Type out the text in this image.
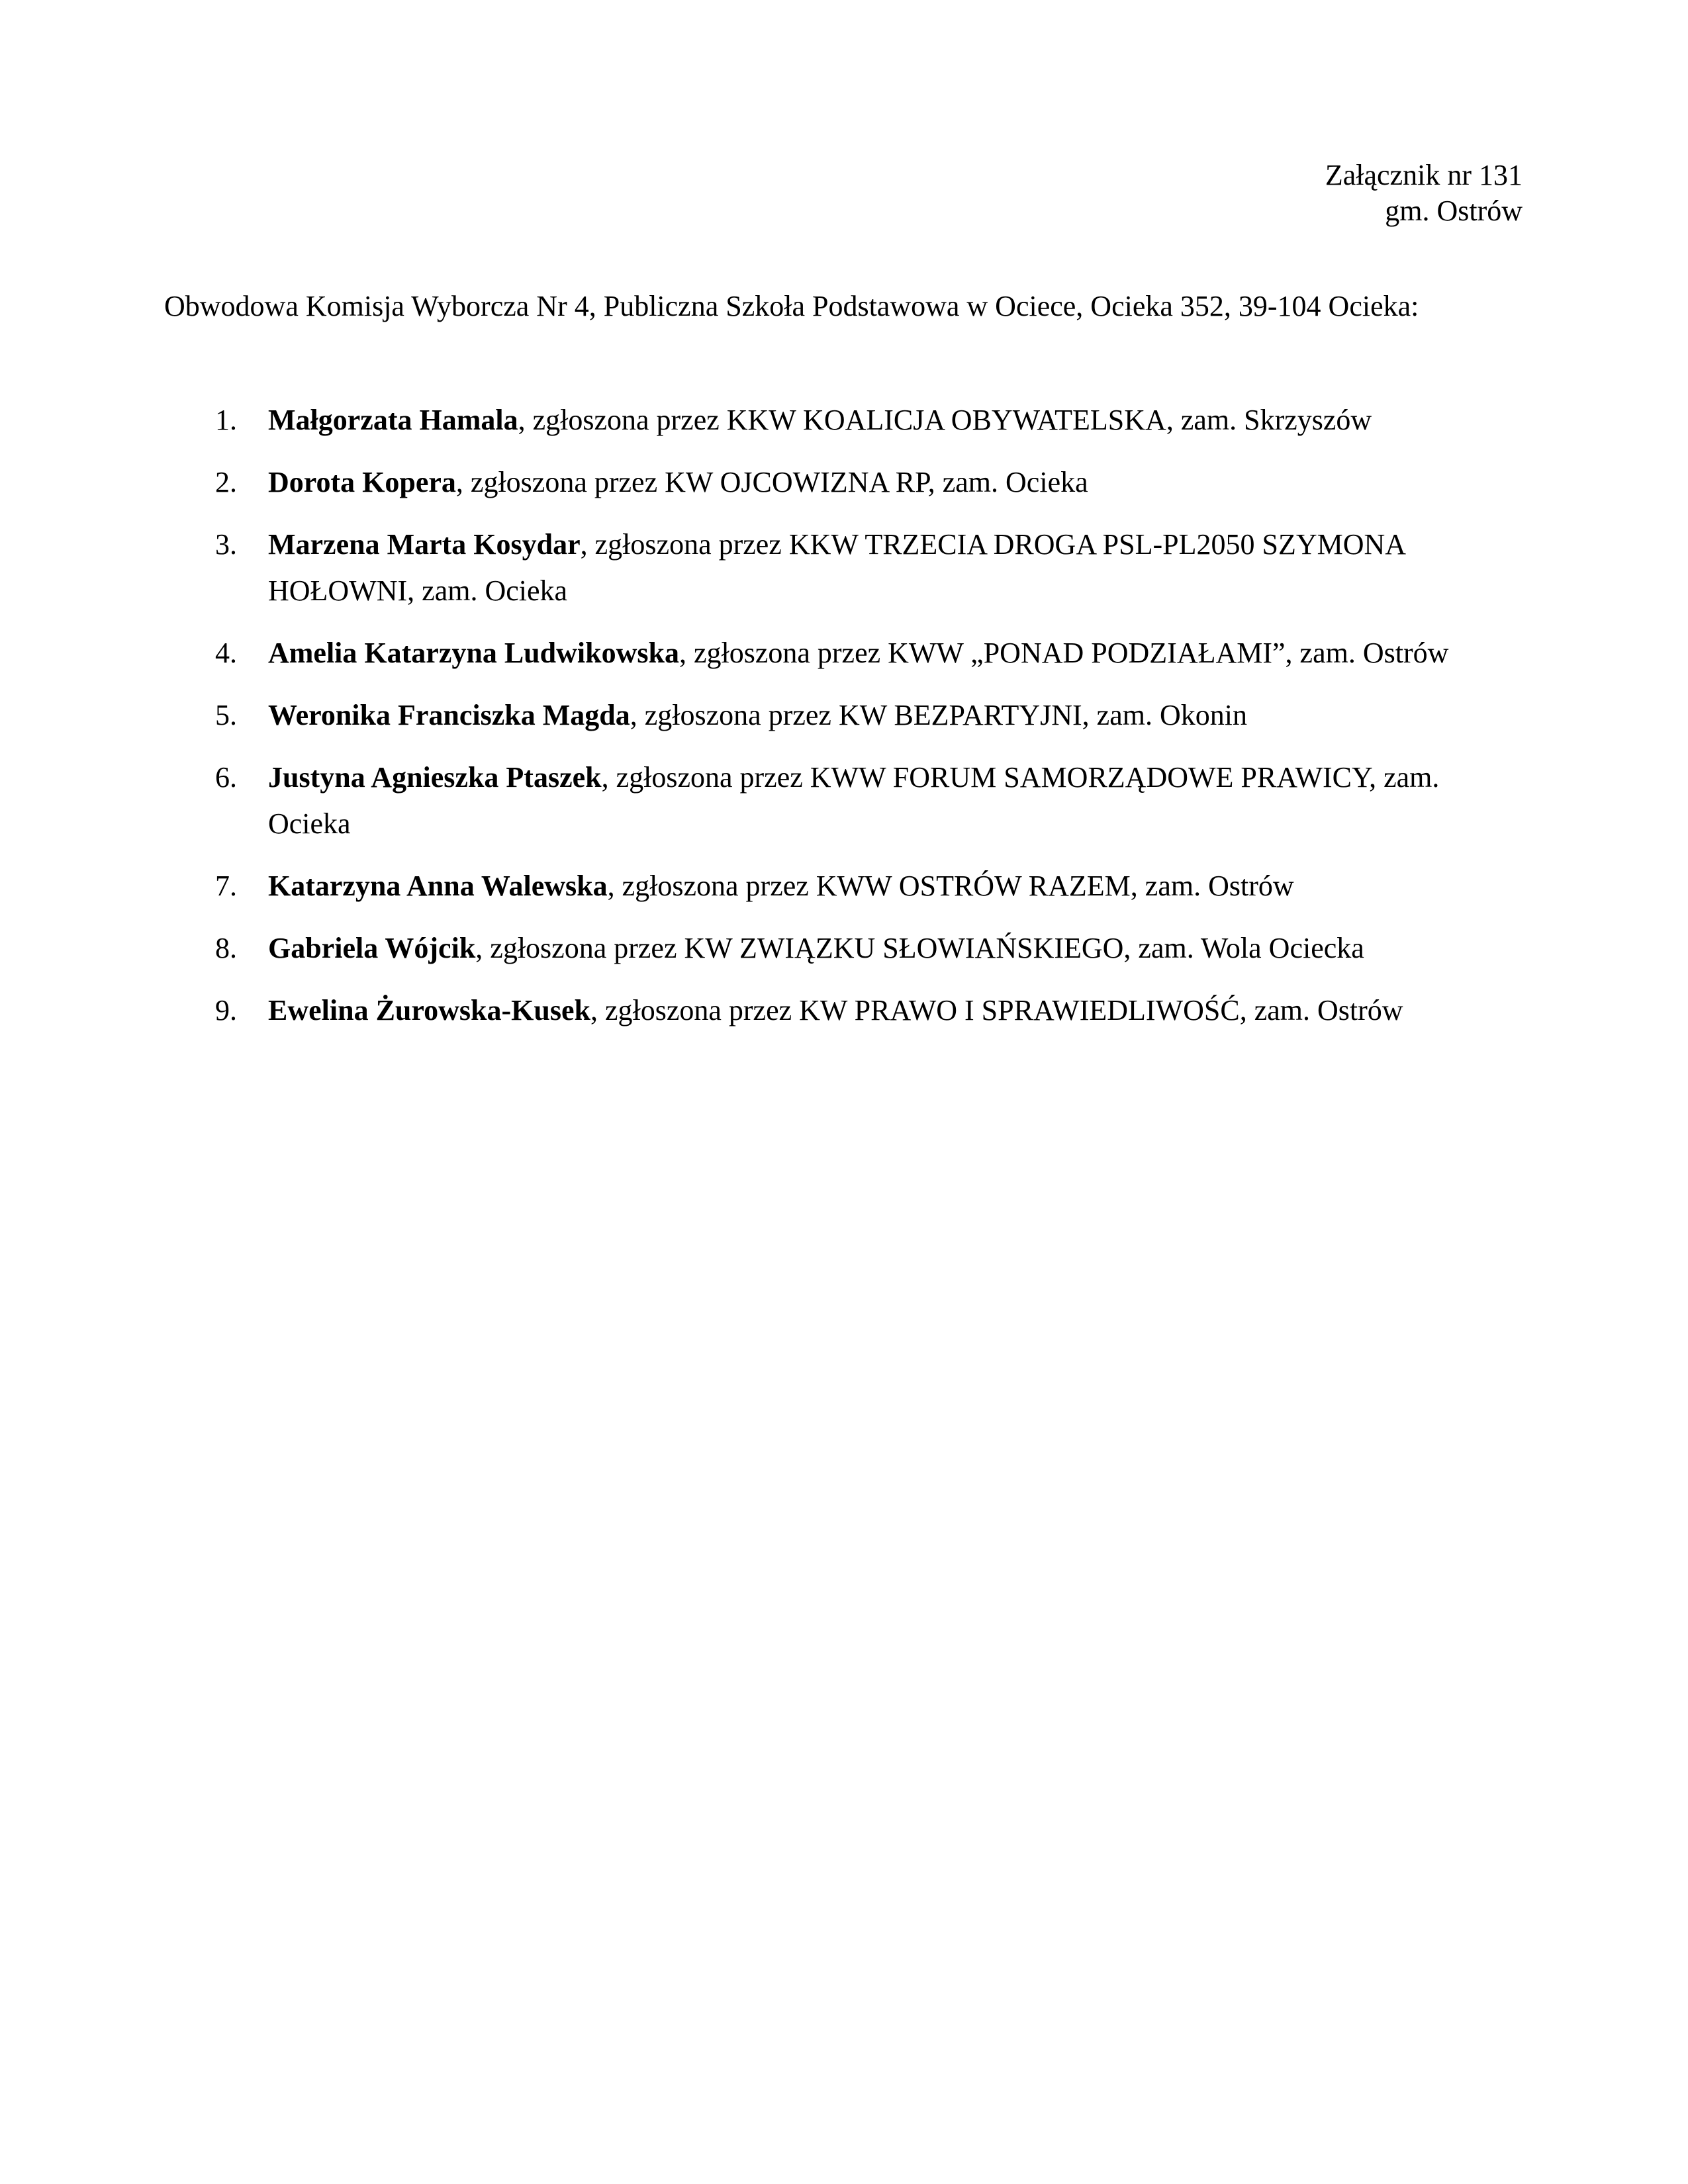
Załącznik nr 131
gm. Ostrów
Obwodowa Komisja Wyborcza Nr 4, Publiczna Szkoła Podstawowa w Ociece, Ocieka 352, 39-104 Ocieka:
1. Małgorzata Hamala, zgłoszona przez KKW KOALICJA OBYWATELSKA, zam. Skrzyszów
2. Dorota Kopera, zgłoszona przez KW OJCOWIZNA RP, zam. Ocieka
3. Marzena Marta Kosydar, zgłoszona przez KKW TRZECIA DROGA PSL-PL2050 SZYMONA HOŁOWNI, zam. Ocieka
4. Amelia Katarzyna Ludwikowska, zgłoszona przez KWW „PONAD PODZIAŁAMI”, zam. Ostrów
5. Weronika Franciszka Magda, zgłoszona przez KW BEZPARTYJNI, zam. Okonin
6. Justyna Agnieszka Ptaszek, zgłoszona przez KWW FORUM SAMORZĄDOWE PRAWICY, zam. Ocieka
7. Katarzyna Anna Walewska, zgłoszona przez KWW OSTRÓW RAZEM, zam. Ostrów
8. Gabriela Wójcik, zgłoszona przez KW ZWIĄZKU SŁOWIAŃSKIEGO, zam. Wola Ociecka
9. Ewelina Żurowska-Kusek, zgłoszona przez KW PRAWO I SPRAWIEDLIWOŚĆ, zam. Ostrów
